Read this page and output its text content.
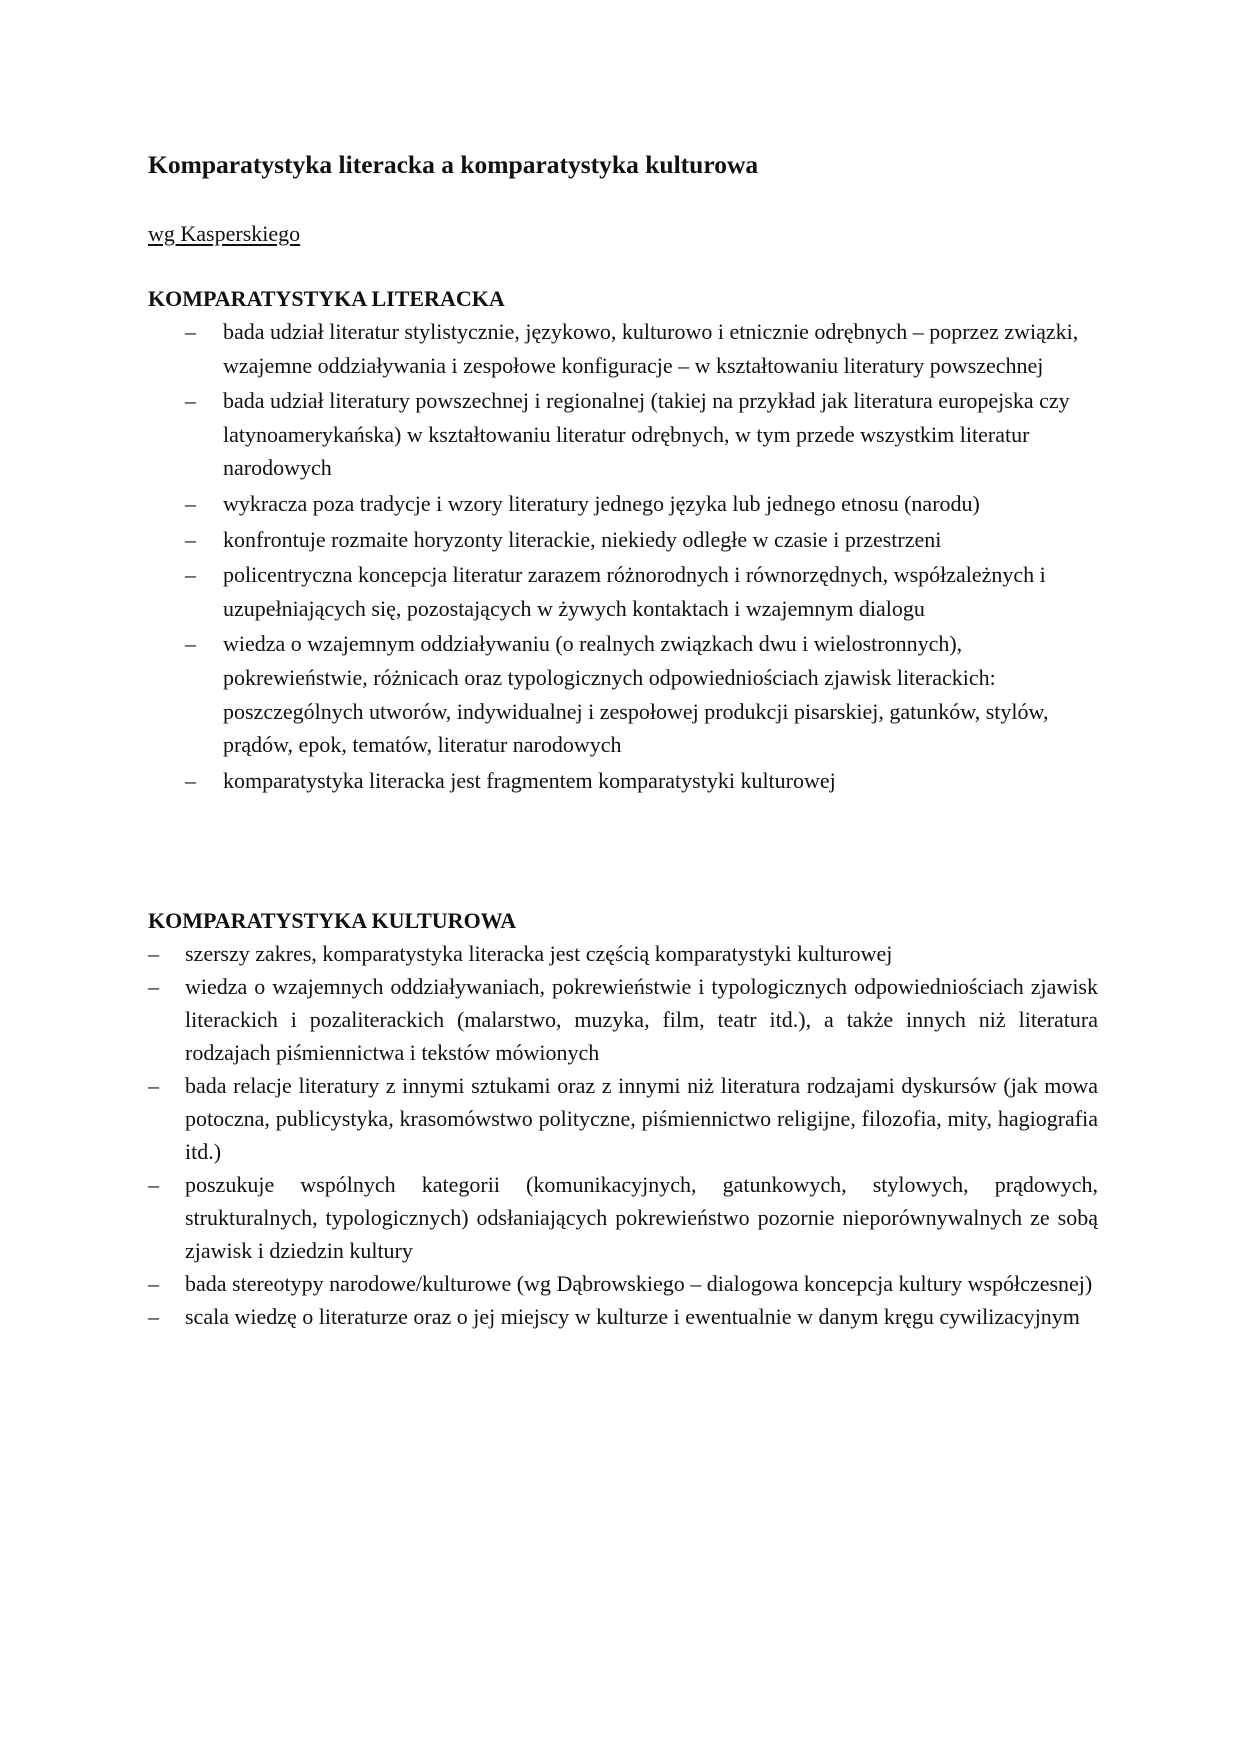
Komparatystyka literacka a komparatystyka kulturowa

wg Kasperskiego

KOMPARATYSTYKA LITERACKA
– bada udział literatur stylistycznie, językowo, kulturowo i etnicznie odrębnych – poprzez związki, wzajemne oddziaływania i zespołowe konfiguracje – w kształtowaniu literatury powszechnej
– bada udział literatury powszechnej i regionalnej (takiej na przykład jak literatura europejska czy latynoamerykańska) w kształtowaniu literatur odrębnych, w tym przede wszystkim literatur narodowych
– wykracza poza tradycje i wzory literatury jednego języka lub jednego etnosu (narodu)
– konfrontuje rozmaite horyzonty literackie, niekiedy odległe w czasie i przestrzeni
– policentryczna koncepcja literatur zarazem różnorodnych i równorzędnych, współzależnych i uzupełniających się, pozostających w żywych kontaktach i wzajemnym dialogu
– wiedza o wzajemnym oddziaływaniu (o realnych związkach dwu i wielostronnych), pokrewieństwie, różnicach oraz typologicznych odpowiedniościach zjawisk literackich: poszczególnych utworów, indywidualnej i zespołowej produkcji pisarskiej, gatunków, stylów, prądów, epok, tematów, literatur narodowych
– komparatystyka literacka jest fragmentem komparatystyki kulturowej
KOMPARATYSTYKA KULTUROWA
– szerszy zakres, komparatystyka literacka jest częścią komparatystyki kulturowej
– wiedza o wzajemnych oddziaływaniach, pokrewieństwie i typologicznych odpowiedniościach zjawisk literackich i pozaliterackich (malarstwo, muzyka, film, teatr itd.), a także innych niż literatura rodzajach piśmiennictwa i tekstów mówionych
– bada relacje literatury z innymi sztukami oraz z innymi niż literatura rodzajami dyskursów (jak mowa potoczna, publicystyka, krasomówstwo polityczne, piśmiennictwo religijne, filozofia, mity, hagiografia itd.)
– poszukuje wspólnych kategorii (komunikacyjnych, gatunkowych, stylowych, prądowych, strukturalnych, typologicznych) odsłaniających pokrewieństwo pozornie nieporównywalnych ze sobą zjawisk i dziedzin kultury
– bada stereotypy narodowe/kulturowe (wg Dąbrowskiego – dialogowa koncepcja kultury współczesnej)
– scala wiedzę o literaturze oraz o jej miejscy w kulturze i ewentualnie w danym kręgu cywilizacyjnym
